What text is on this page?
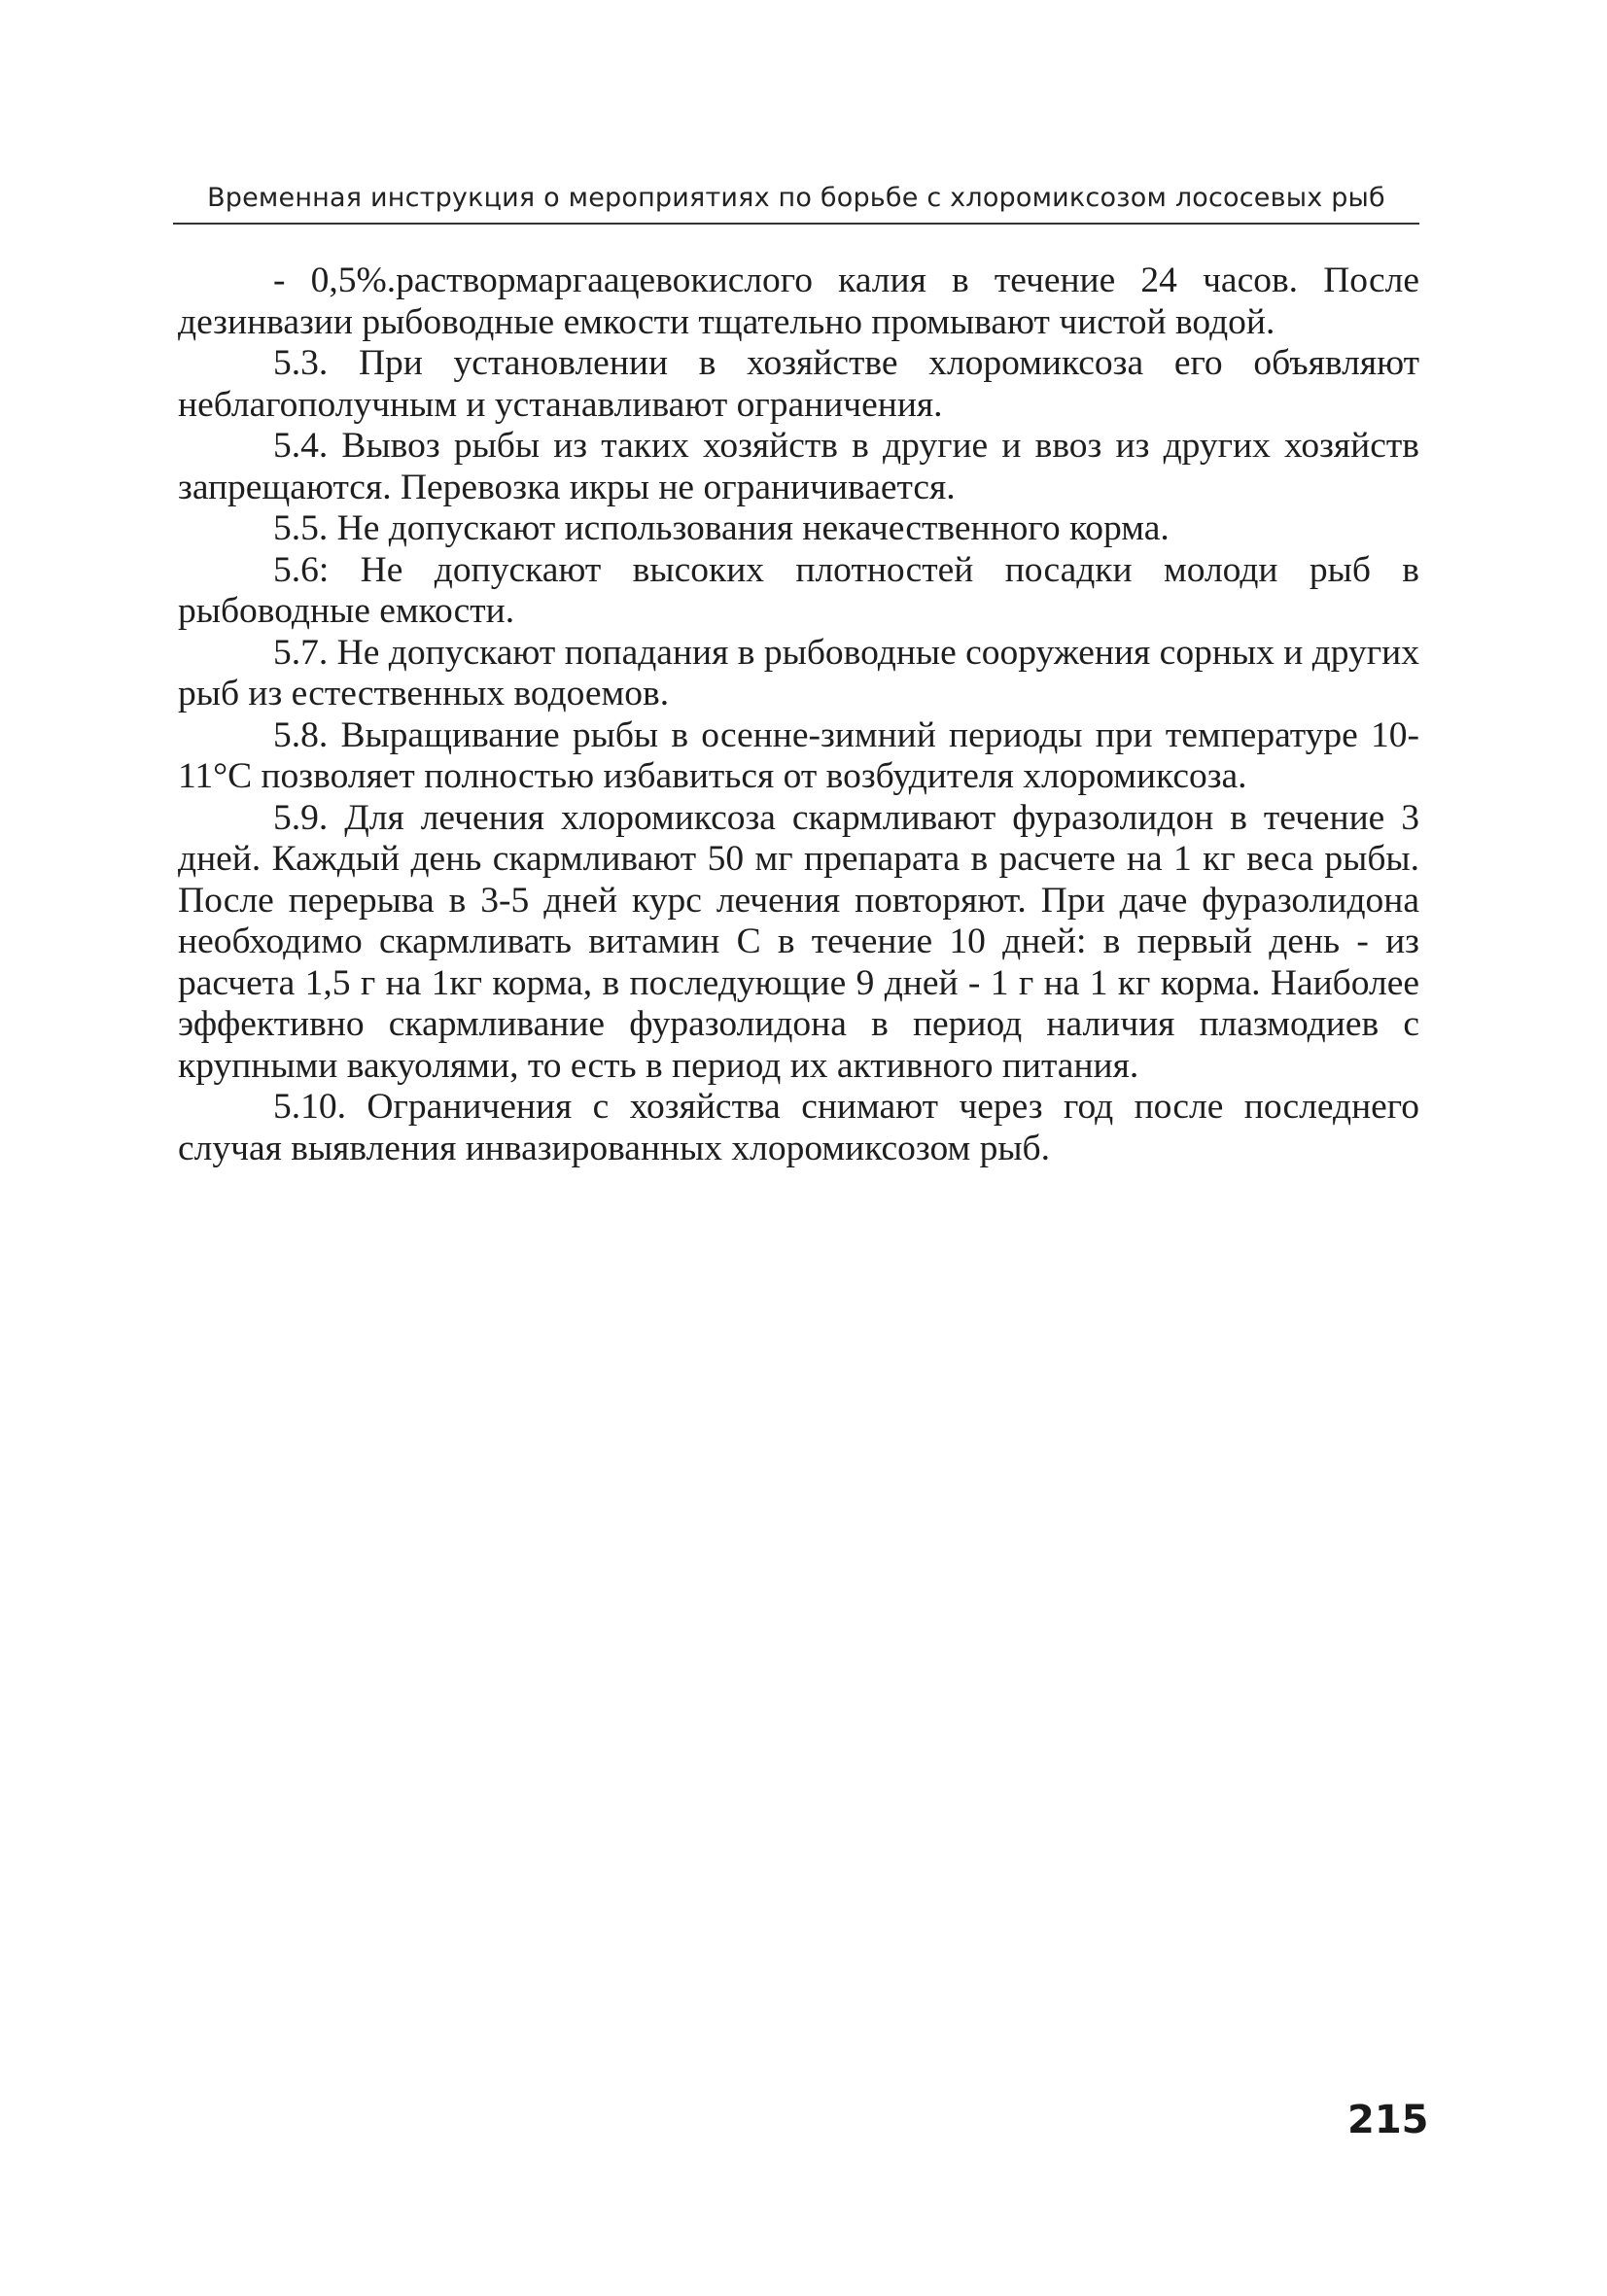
Временная инструкция о мероприятиях по борьбе с хлоромиксозом лососевых рыб

- 0,5%.раствормаргаацевокислого калия в течение 24 часов. После дезинвазии рыбоводные емкости тщательно промывают чистой водой.

5.3. При установлении в хозяйстве хлоромиксоза его объявляют неблагополучным и устанавливают ограничения.

5.4. Вывоз рыбы из таких хозяйств в другие и ввоз из других хозяйств запрещаются. Перевозка икры не ограничивается.

5.5. Не допускают использования некачественного корма.

5.6: Не допускают высоких плотностей посадки молоди рыб в рыбоводные емкости.

5.7. Не допускают попадания в рыбоводные сооружения сорных и других рыб из естественных водоемов.

5.8. Выращивание рыбы в осенне-зимний периоды при температуре 10-11°С позволяет полностью избавиться от возбудителя хлоромиксоза.

5.9. Для лечения хлоромиксоза скармливают фуразолидон в течение 3 дней. Каждый день скармливают 50 мг препарата в расчете на 1 кг веса рыбы. После перерыва в 3-5 дней курс лечения повторяют. При даче фуразолидона необходимо скармливать витамин С в течение 10 дней: в первый день - из расчета 1,5 г на 1кг корма, в последующие 9 дней - 1 г на 1 кг корма. Наиболее эффективно скармливание фуразолидона в период наличия плазмодиев с крупными вакуолями, то есть в период их активного питания.

5.10. Ограничения с хозяйства снимают через год после последнего случая выявления инвазированных хлоромиксозом рыб.

215
